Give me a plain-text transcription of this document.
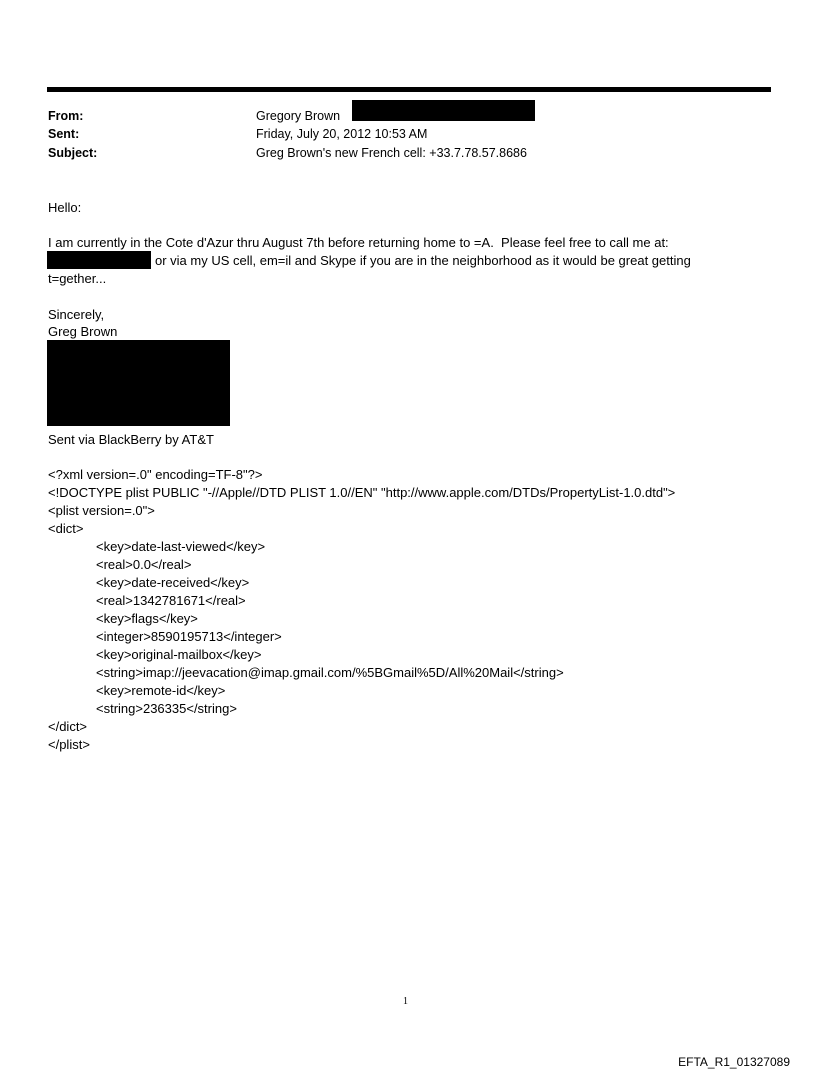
From:	Gregory Brown
Sent:	Friday, July 20, 2012 10:53 AM
Subject:	Greg Brown's new French cell: +33.7.78.57.8686
Hello:
I am currently in the Cote d'Azur thru August 7th before returning home to =A.  Please feel free to call me at:
or via my US cell, em=il and Skype if you are in the neighborhood as it would be great getting
t=gether...
Sincerely,
Greg Brown
Sent via BlackBerry by AT&T
<?xml version=.0" encoding=TF-8"?>
<!DOCTYPE plist PUBLIC "-//Apple//DTD PLIST 1.0//EN" "http://www.apple.com/DTDs/PropertyList-1.0.dtd">
<plist version=.0">
<dict>
<key>date-last-viewed</key>
<real>0.0</real>
<key>date-received</key>
<real>1342781671</real>
<key>flags</key>
<integer>8590195713</integer>
<key>original-mailbox</key>
<string>imap://jeevacation@imap.gmail.com/%5BGmail%5D/All%20Mail</string>
<key>remote-id</key>
<string>236335</string>
</dict>
</plist>
1
EFTA_R1_01327089
